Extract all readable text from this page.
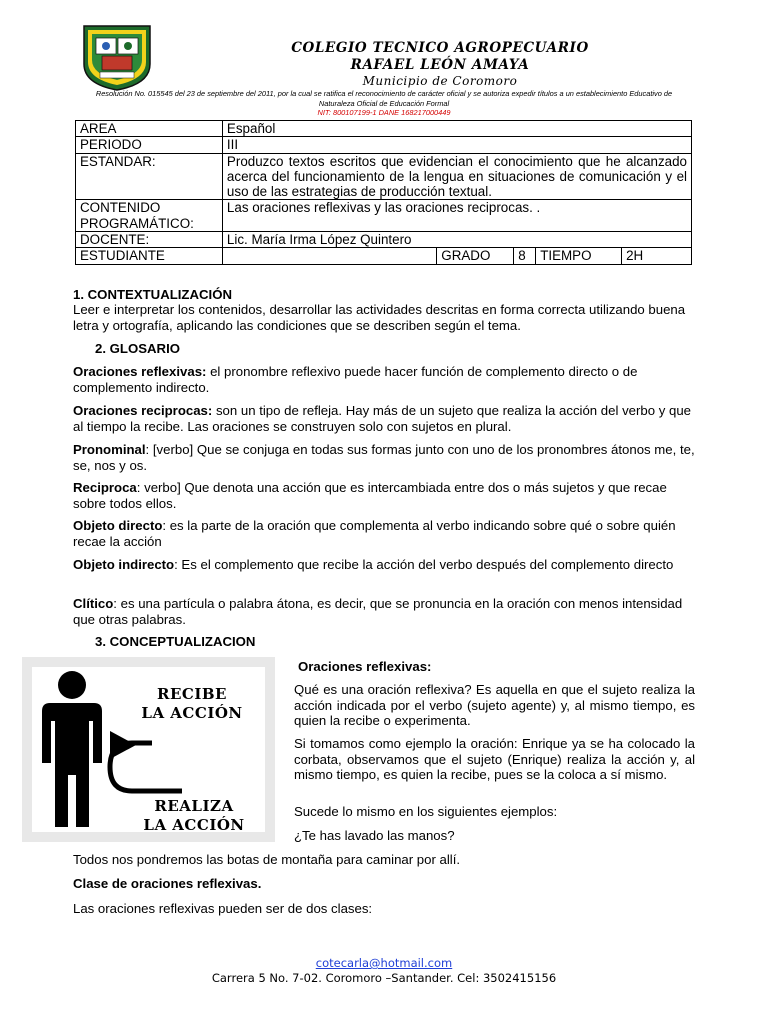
COLEGIO TECNICO AGROPECUARIO
RAFAEL LEÓN AMAYA
Municipio de Coromoro
Resolución No. 015545 del 23 de septiembre del 2011, por la cual se ratifica el reconocimiento de carácter oficial y se autoriza expedir títulos a un establecimiento Educativo de Naturaleza Oficial de Educación Formal
NIT: 800107199-1 DANE 168217000449
AREA	Español				
PERIODO	III				
ESTANDAR:	Produzco textos escritos que evidencian el conocimiento que he alcanzado acerca del funcionamiento de la lengua en situaciones de comunicación y el uso de las estrategias de producción textual.				
CONTENIDO PROGRAMÁTICO:	Las oraciones reflexivas y las oraciones reciprocas. .				
DOCENTE:	Lic. María Irma López Quintero				
ESTUDIANTE		GRADO	8	TIEMPO	2H
1. CONTEXTUALIZACIÓN
Leer e interpretar los contenidos, desarrollar las actividades descritas en forma correcta utilizando buena letra y ortografía, aplicando las condiciones que se describen según el tema.
2. GLOSARIO
Oraciones reflexivas: el pronombre reflexivo puede hacer función de complemento directo o de complemento indirecto.
Oraciones reciprocas: son un tipo de refleja. Hay más de un sujeto que realiza la acción del verbo y que al tiempo la recibe. Las oraciones se construyen solo con sujetos en plural.
Pronominal: [verbo] Que se conjuga en todas sus formas junto con uno de los pronombres átonos me, te, se, nos y os.
Reciproca: verbo] Que denota una acción que es intercambiada entre dos o más sujetos y que recae sobre todos ellos.
Objeto directo: es la parte de la oración que complementa al verbo indicando sobre qué o sobre quién recae la acción
Objeto indirecto: Es el complemento que recibe la acción del verbo después del complemento directo
Clítico: es una partícula o palabra átona, es decir, que se pronuncia en la oración con menos intensidad que otras palabras.
3. CONCEPTUALIZACION
RECIBE
LA ACCIÓN
REALIZA
LA ACCIÓN
Oraciones reflexivas:
Qué es una oración reflexiva? Es aquella en que el sujeto realiza la acción indicada por el verbo (sujeto agente) y, al mismo tiempo, es quien la recibe o experimenta.
Si tomamos como ejemplo la oración: Enrique ya se ha colocado la corbata, observamos que el sujeto (Enrique) realiza la acción y, al mismo tiempo, es quien la recibe, pues se la coloca a sí mismo.
Sucede lo mismo en los siguientes ejemplos:
¿Te has lavado las manos?
Todos nos pondremos las botas de montaña para caminar por allí.
Clase de oraciones reflexivas.
Las oraciones reflexivas pueden ser de dos clases:
cotecarla@hotmail.com
Carrera 5 No. 7-02. Coromoro –Santander. Cel: 3502415156
